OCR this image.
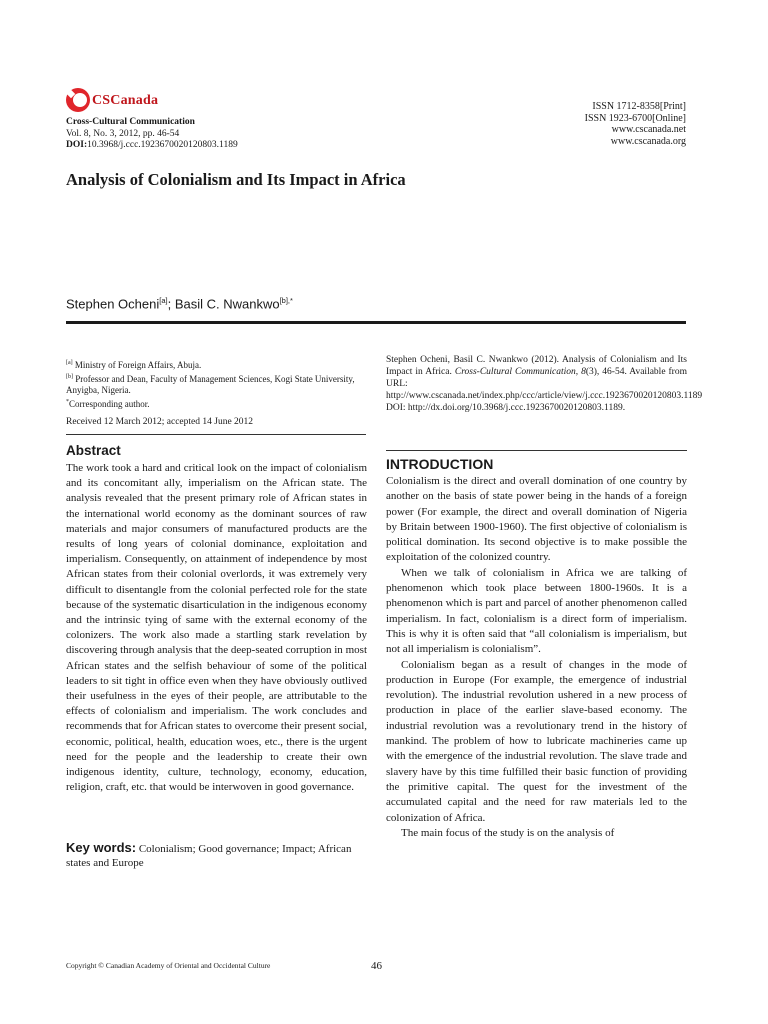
CSCanada
Cross-Cultural Communication
Vol. 8, No. 3, 2012, pp. 46-54
DOI:10.3968/j.ccc.1923670020120803.1189
ISSN 1712-8358[Print]
ISSN 1923-6700[Online]
www.cscanada.net
www.cscanada.org
Analysis of Colonialism and Its Impact in Africa
Stephen Ocheni[a]; Basil C. Nwankwo$^{[b],*}$
[a] Ministry of Foreign Affairs, Abuja.
[b] Professor and Dean, Faculty of Management Sciences, Kogi State University, Anyigba, Nigeria.
*Corresponding author.
Received 12 March 2012; accepted 14 June 2012
Abstract
The work took a hard and critical look on the impact of colonialism and its concomitant ally, imperialism on the African state. The analysis revealed that the present primary role of African states in the international world economy as the dominant sources of raw materials and major consumers of manufactured products are the results of long years of colonial dominance, exploitation and imperialism. Consequently, on attainment of independence by most African states from their colonial overlords, it was extremely very difficult to disentangle from the colonial perfected role for the state because of the systematic disarticulation in the indigenous economy and the intrinsic tying of same with the external economy of the colonizers. The work also made a startling stark revelation by discovering through analysis that the deep-seated corruption in most African states and the selfish behaviour of some of the political leaders to sit tight in office even when they have obviously outlived their usefulness in the eyes of their people, are attributable to the effects of colonialism and imperialism. The work concludes and recommends that for African states to overcome their present social, economic, political, health, education woes, etc., there is the urgent need for the people and the leadership to create their own indigenous identity, culture, technology, economy, education, religion, craft, etc. that would be interwoven in good governance.
Key words: Colonialism; Good governance; Impact; African states and Europe
Stephen Ocheni, Basil C. Nwankwo (2012). Analysis of Colonialism and Its Impact in Africa. Cross-Cultural Communication, 8(3), 46-54. Available from URL: http://www.cscanada.net/index.php/ccc/article/view/j.ccc.1923670020120803.1189 DOI: http://dx.doi.org/10.3968/j.ccc.1923670020120803.1189.
INTRODUCTION

Colonialism is the direct and overall domination of one country by another on the basis of state power being in the hands of a foreign power (For example, the direct and overall domination of Nigeria by Britain between 1900-1960). The first objective of colonialism is political domination. Its second objective is to make possible the exploitation of the colonized country.

When we talk of colonialism in Africa we are talking of phenomenon which took place between 1800-1960s. It is a phenomenon which is part and parcel of another phenomenon called imperialism. In fact, colonialism is a direct form of imperialism. This is why it is often said that “all colonialism is imperialism, but not all imperialism is colonialism”.

Colonialism began as a result of changes in the mode of production in Europe (For example, the emergence of industrial revolution). The industrial revolution ushered in a new process of production in place of the earlier slave-based economy. The industrial revolution was a revolutionary trend in the history of mankind. The problem of how to lubricate machineries came up with the emergence of the industrial revolution. The slave trade and slavery have by this time fulfilled their basic function of providing the primitive capital. The quest for the investment of the accumulated capital and the need for raw materials led to the colonization of Africa.

The main focus of the study is on the analysis of

Copyright © Canadian Academy of Oriental and Occidental Culture	46
